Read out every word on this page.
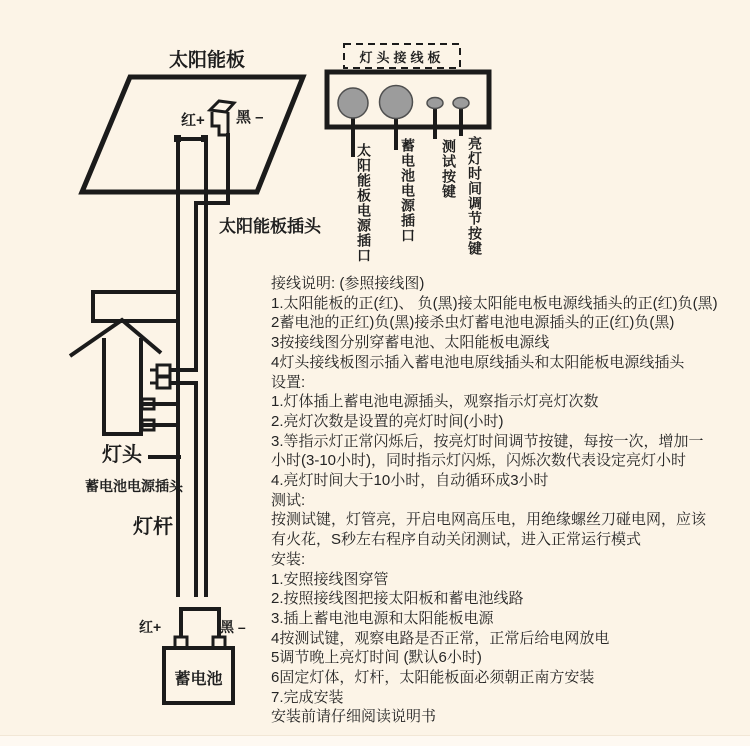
太阳能板
红+ 黑 –
太阳能板插头
灯头接线板
太阳能板电源插口 蓄电池电源插口 测试按键 亮灯时间调节按键
灯头
蓄电池电源插头
灯杆
红+	黑 –
蓄电池
接线说明: (参照接线图)
1.太阳能板的正(红)、 负(黑)接太阳能电板电源线插头的正(红)负(黑)
2蓄电池的正红)负(黑)接杀虫灯蓄电池电源插头的正(红)负(黑)
3按接线图分别穿蓄电池、太阳能板电源线
4灯头接线板图示插入蓄电池电原线插头和太阳能板电源线插头
设置:
1.灯体插上蓄电池电源插头，观察指示灯亮灯次数
2.亮灯次数是设置的亮灯时间(小时)
3.等指示灯正常闪烁后，按亮灯时间调节按键，每按一次，增加一
小时(3-10小时)，同时指示灯闪烁，闪烁次数代表设定亮灯小时
4.亮灯时间大于10小时，自动循环成3小时
测试:
按测试键，灯管亮，开启电网高压电，用绝缘螺丝刀碰电网，应该
有火花，S秒左右程序自动关闭测试，进入正常运行模式
安装:
1.安照接线图穿管
2.按照接线图把接太阳板和蓄电池线路
3.插上蓄电池电源和太阳能板电源
4按测试键，观察电路是否正常，正常后给电网放电
5调节晚上亮灯时间 (默认6小时)
6固定灯体，灯杆，太阳能板面必须朝正南方安装
7.完成安装
安装前请仔细阅读说明书
